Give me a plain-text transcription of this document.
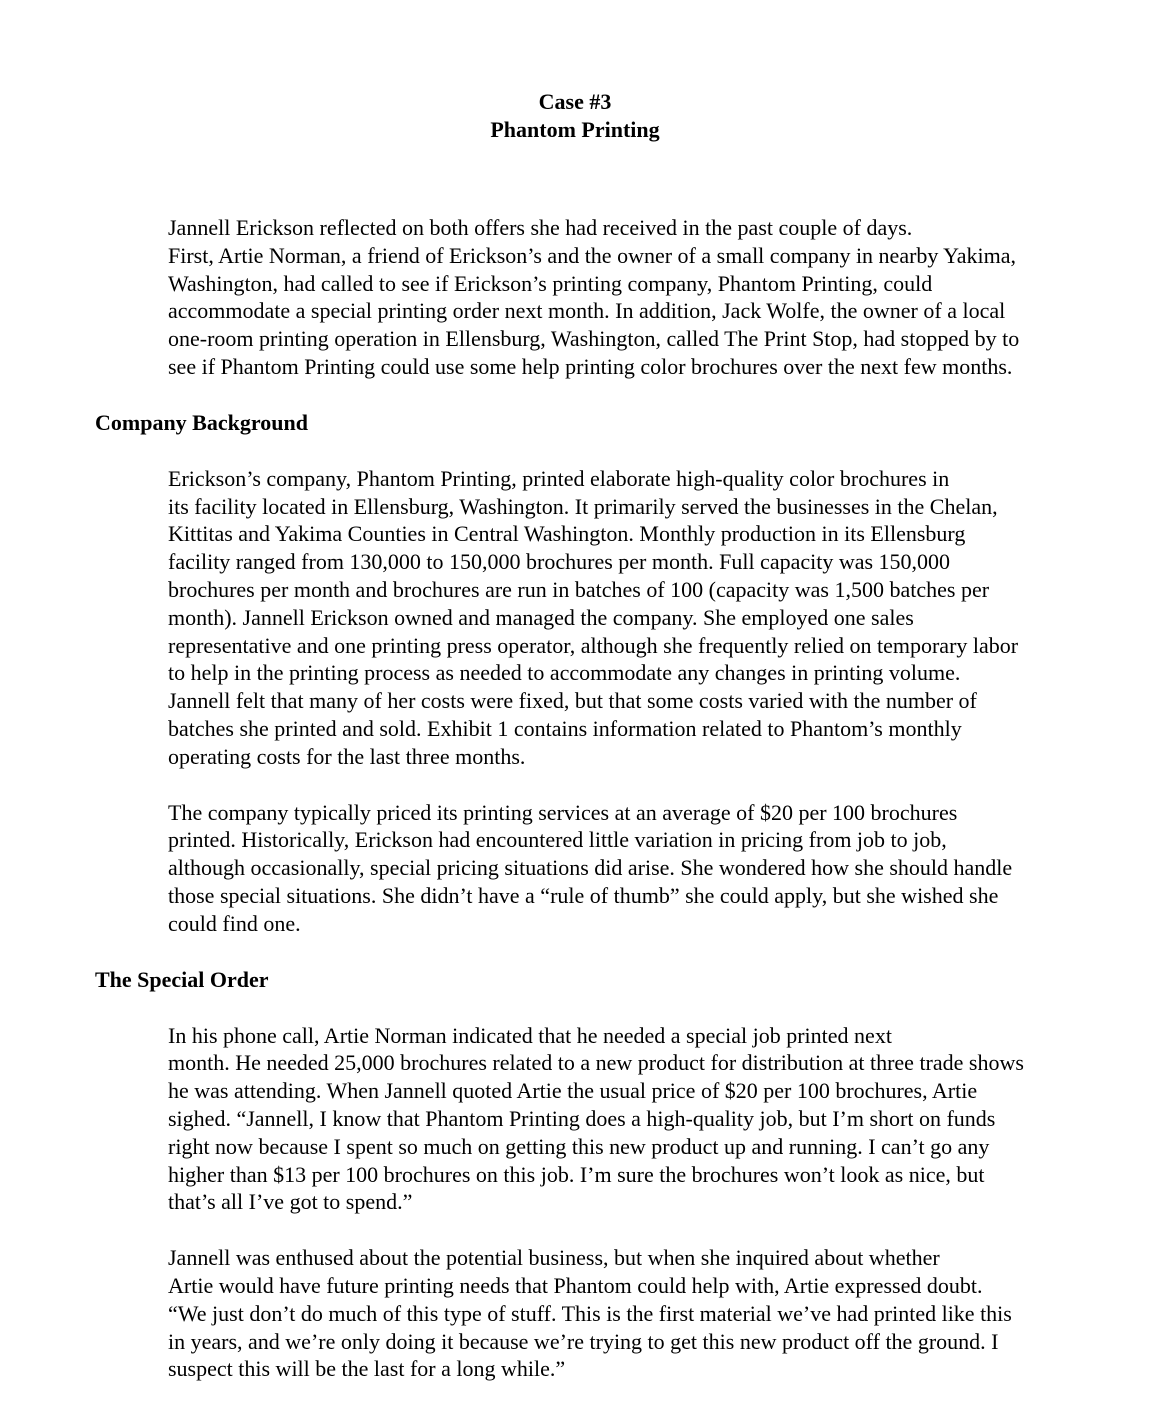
Case #3
Phantom Printing

Jannell Erickson reflected on both offers she had received in the past couple of days.

First, Artie Norman, a friend of Erickson’s and the owner of a small company in nearby Yakima,
Washington, had called to see if Erickson’s printing company, Phantom Printing, could
accommodate a special printing order next month. In addition, Jack Wolfe, the owner of a local
one-room printing operation in Ellensburg, Washington, called The Print Stop, had stopped by to
see if Phantom Printing could use some help printing color brochures over the next few months.

Company Background

Erickson’s company, Phantom Printing, printed elaborate high-quality color brochures in

its facility located in Ellensburg, Washington. It primarily served the businesses in the Chelan,
Kittitas and Yakima Counties in Central Washington. Monthly production in its Ellensburg
facility ranged from 130,000 to 150,000 brochures per month. Full capacity was 150,000
brochures per month and brochures are run in batches of 100 (capacity was 1,500 batches per
month). Jannell Erickson owned and managed the company. She employed one sales
representative and one printing press operator, although she frequently relied on temporary labor
to help in the printing process as needed to accommodate any changes in printing volume.
Jannell felt that many of her costs were fixed, but that some costs varied with the number of
batches she printed and sold. Exhibit 1 contains information related to Phantom’s monthly
operating costs for the last three months.

The company typically priced its printing services at an average of $20 per 100 brochures

printed. Historically, Erickson had encountered little variation in pricing from job to job,
although occasionally, special pricing situations did arise. She wondered how she should handle
those special situations. She didn’t have a “rule of thumb” she could apply, but she wished she
could find one.

The Special Order

In his phone call, Artie Norman indicated that he needed a special job printed next

month. He needed 25,000 brochures related to a new product for distribution at three trade shows
he was attending. When Jannell quoted Artie the usual price of $20 per 100 brochures, Artie
sighed. “Jannell, I know that Phantom Printing does a high-quality job, but I’m short on funds
right now because I spent so much on getting this new product up and running. I can’t go any
higher than $13 per 100 brochures on this job. I’m sure the brochures won’t look as nice, but
that’s all I’ve got to spend.”

Jannell was enthused about the potential business, but when she inquired about whether

Artie would have future printing needs that Phantom could help with, Artie expressed doubt.
“We just don’t do much of this type of stuff. This is the first material we’ve had printed like this
in years, and we’re only doing it because we’re trying to get this new product off the ground. I
suspect this will be the last for a long while.”
